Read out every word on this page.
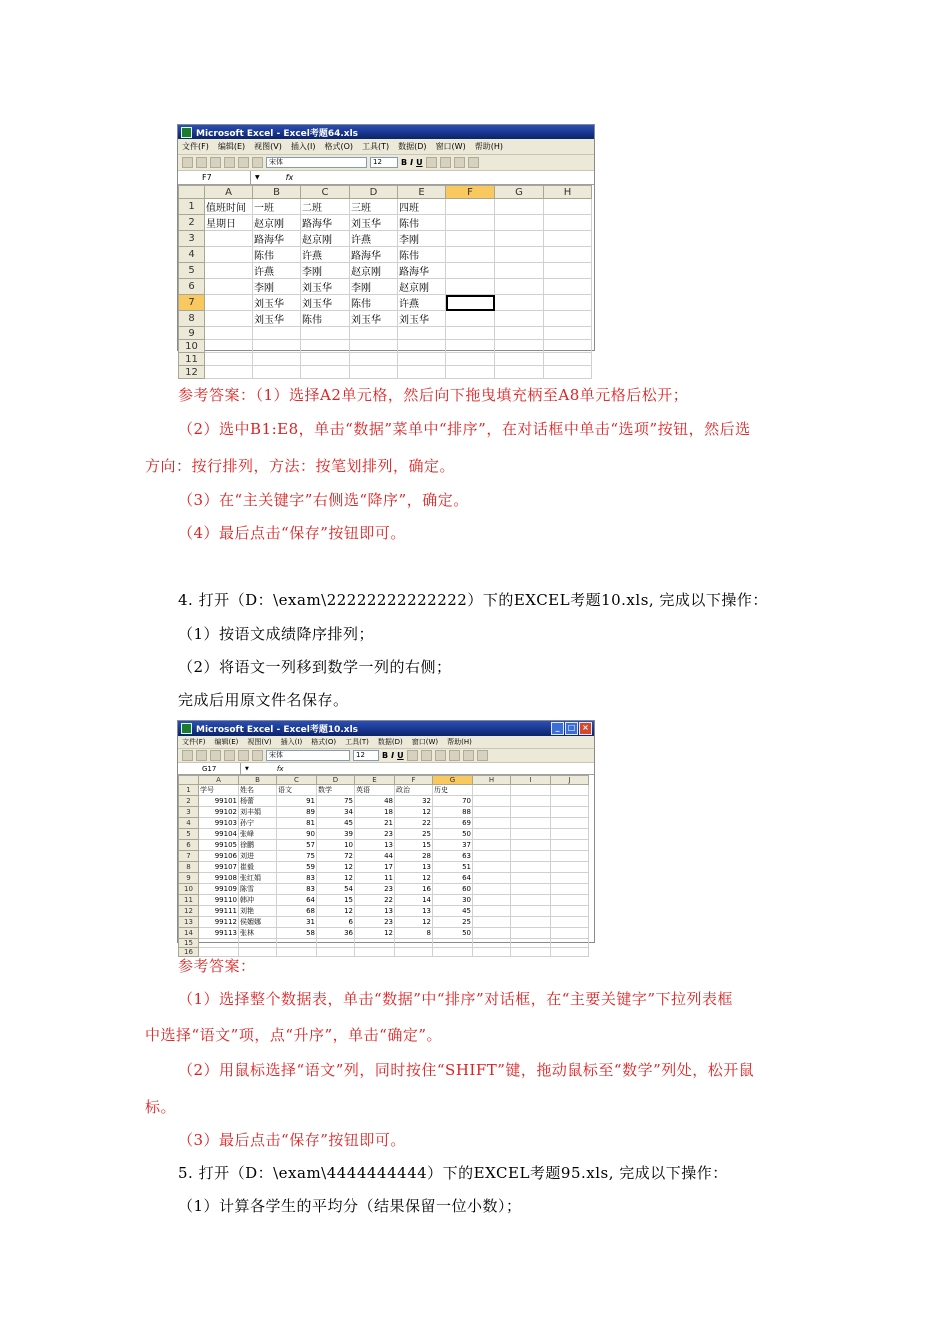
Microsoft Excel - Excel考题64.xls
文件(F) 编辑(E) 视图(V) 插入(I) 格式(O) 工具(T) 数据(D) 窗口(W) 帮助(H)
宋体	12	B I U
F7	▼	fx
	A	B	C	D	E	F	G	H
1	值班时间	一班	二班	三班	四班			
2	星期日	赵京刚	路海华	刘玉华	陈伟			
3		路海华	赵京刚	许燕	李刚			
4		陈伟	许燕	路海华	陈伟			
5		许燕	李刚	赵京刚	路海华			
6		李刚	刘玉华	李刚	赵京刚			
7		刘玉华	刘玉华	陈伟	许燕			
8		刘玉华	陈伟	刘玉华	刘玉华			
9								
10								
11								
12								
参考答案：（1）选择A2单元格，然后向下拖曳填充柄至A8单元格后松开；
（2）选中B1:E8，单击“数据”菜单中“排序”，在对话框中单击“选项”按钮，然后选
方向：按行排列，方法：按笔划排列，确定。
（3）在“主关键字”右侧选“降序”，确定。
（4）最后点击“保存”按钮即可。
4. 打开（D：\exam\22222222222222）下的EXCEL考题10.xls, 完成以下操作：
（1）按语文成绩降序排列；
（2）将语文一列移到数学一列的右侧；
完成后用原文件名保存。
Microsoft Excel - Excel考题10.xls	_	□ ×
文件(F) 编辑(E) 视图(V) 插入(I) 格式(O) 工具(T) 数据(D) 窗口(W) 帮助(H)
宋体	12	B I U
G17	▼	fx
	A	B	C	D	E	F	G	H	I	J
1	学号	姓名	语文	数学	英语	政治	历史			
2	99101	杨蕾	91	75	48	32	70			
3	99102	刘丰娟	89	34	18	12	88			
4	99103	孙宁	81	45	21	22	69			
5	99104	张峰	90	39	23	25	50			
6	99105	徐鹏	57	10	13	15	37			
7	99106	刘进	75	72	44	28	63			
8	99107	崔毅	59	12	17	13	51			
9	99108	张红娟	83	12	11	12	64			
10	99109	陈雪	83	54	23	16	60			
11	99110	韩冲	64	15	22	14	30			
12	99111	刘艳	68	12	13	13	45			
13	99112	侯媚娜	31	6	23	12	25			
14	99113	张林	58	36	12	8	50			
15										
16										
参考答案：
（1）选择整个数据表，单击“数据”中“排序”对话框，在“主要关键字”下拉列表框
中选择“语文”项，点“升序”，单击“确定”。
（2）用鼠标选择“语文”列，同时按住“SHIFT”键，拖动鼠标至“数学”列处，松开鼠
标。
（3）最后点击“保存”按钮即可。
5. 打开（D：\exam\4444444444）下的EXCEL考题95.xls, 完成以下操作：
（1）计算各学生的平均分（结果保留一位小数）；
